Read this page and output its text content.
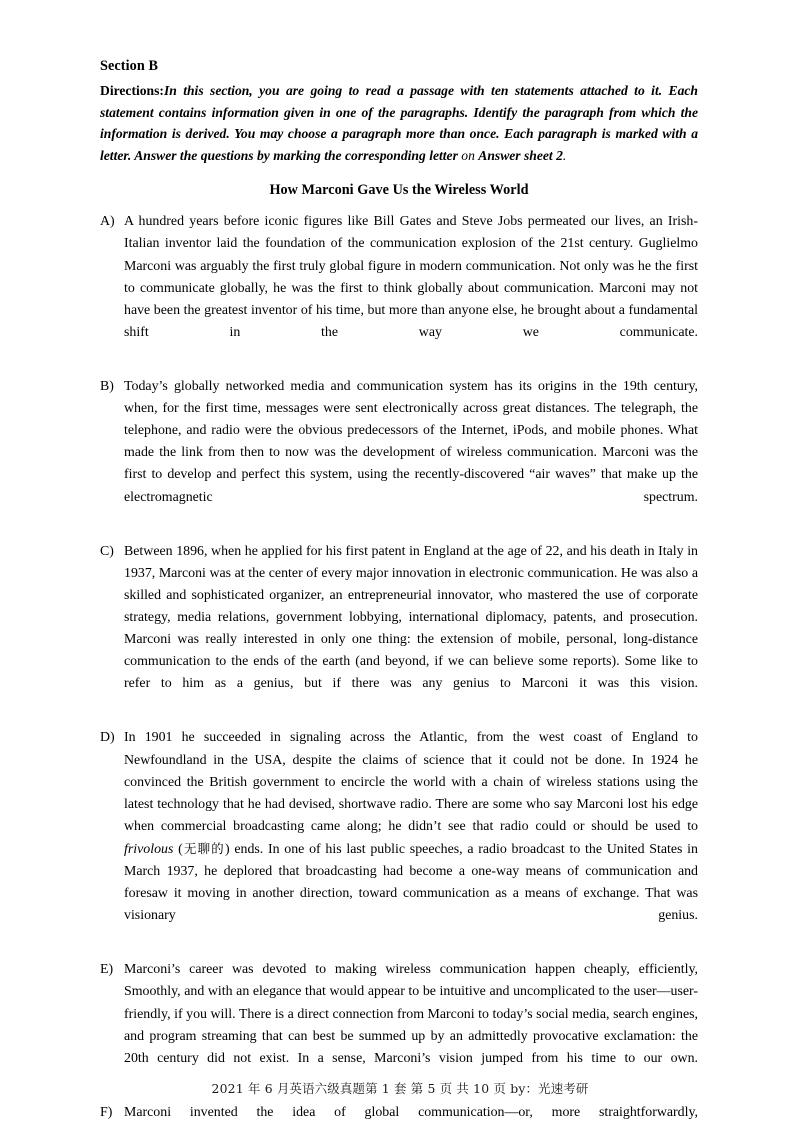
Section B

Directions:In this section, you are going to read a passage with ten statements attached to it. Each statement contains information given in one of the paragraphs. Identify the paragraph from which the information is derived. You may choose a paragraph more than once. Each paragraph is marked with a letter. Answer the questions by marking the corresponding letter on Answer sheet 2.

How Marconi Gave Us the Wireless World
A) A hundred years before iconic figures like Bill Gates and Steve Jobs permeated our lives, an Irish-Italian inventor laid the foundation of the communication explosion of the 21st century. Guglielmo Marconi was arguably the first truly global figure in modern communication. Not only was he the first to communicate globally, he was the first to think globally about communication. Marconi may not have been the greatest inventor of his time, but more than anyone else, he brought about a fundamental shift in the way we communicate.
B) Today’s globally networked media and communication system has its origins in the 19th century, when, for the first time, messages were sent electronically across great distances. The telegraph, the telephone, and radio were the obvious predecessors of the Internet, iPods, and mobile phones. What made the link from then to now was the development of wireless communication. Marconi was the first to develop and perfect this system, using the recently-discovered “air waves” that make up the electromagnetic spectrum.
C) Between 1896, when he applied for his first patent in England at the age of 22, and his death in Italy in 1937, Marconi was at the center of every major innovation in electronic communication. He was also a skilled and sophisticated organizer, an entrepreneurial innovator, who mastered the use of corporate strategy, media relations, government lobbying, international diplomacy, patents, and prosecution. Marconi was really interested in only one thing: the extension of mobile, personal, long-distance communication to the ends of the earth (and beyond, if we can believe some reports). Some like to refer to him as a genius, but if there was any genius to Marconi it was this vision.
D) In 1901 he succeeded in signaling across the Atlantic, from the west coast of England to Newfoundland in the USA, despite the claims of science that it could not be done. In 1924 he convinced the British government to encircle the world with a chain of wireless stations using the latest technology that he had devised, shortwave radio. There are some who say Marconi lost his edge when commercial broadcasting came along; he didn’t see that radio could or should be used to frivolous (无聊的) ends. In one of his last public speeches, a radio broadcast to the United States in March 1937, he deplored that broadcasting had become a one-way means of communication and foresaw it moving in another direction, toward communication as a means of exchange. That was visionary genius.
E) Marconi’s career was devoted to making wireless communication happen cheaply, efficiently, Smoothly, and with an elegance that would appear to be intuitive and uncomplicated to the user—user-friendly, if you will. There is a direct connection from Marconi to today’s social media, search engines, and program streaming that can best be summed up by an admittedly provocative exclamation: the 20th century did not exist. In a sense, Marconi’s vision jumped from his time to our own.
F) Marconi invented the idea of global communication—or, more straightforwardly,
2021 年 6 月英语六级真题第 1 套 第 5 页 共 10 页 by：光速考研
